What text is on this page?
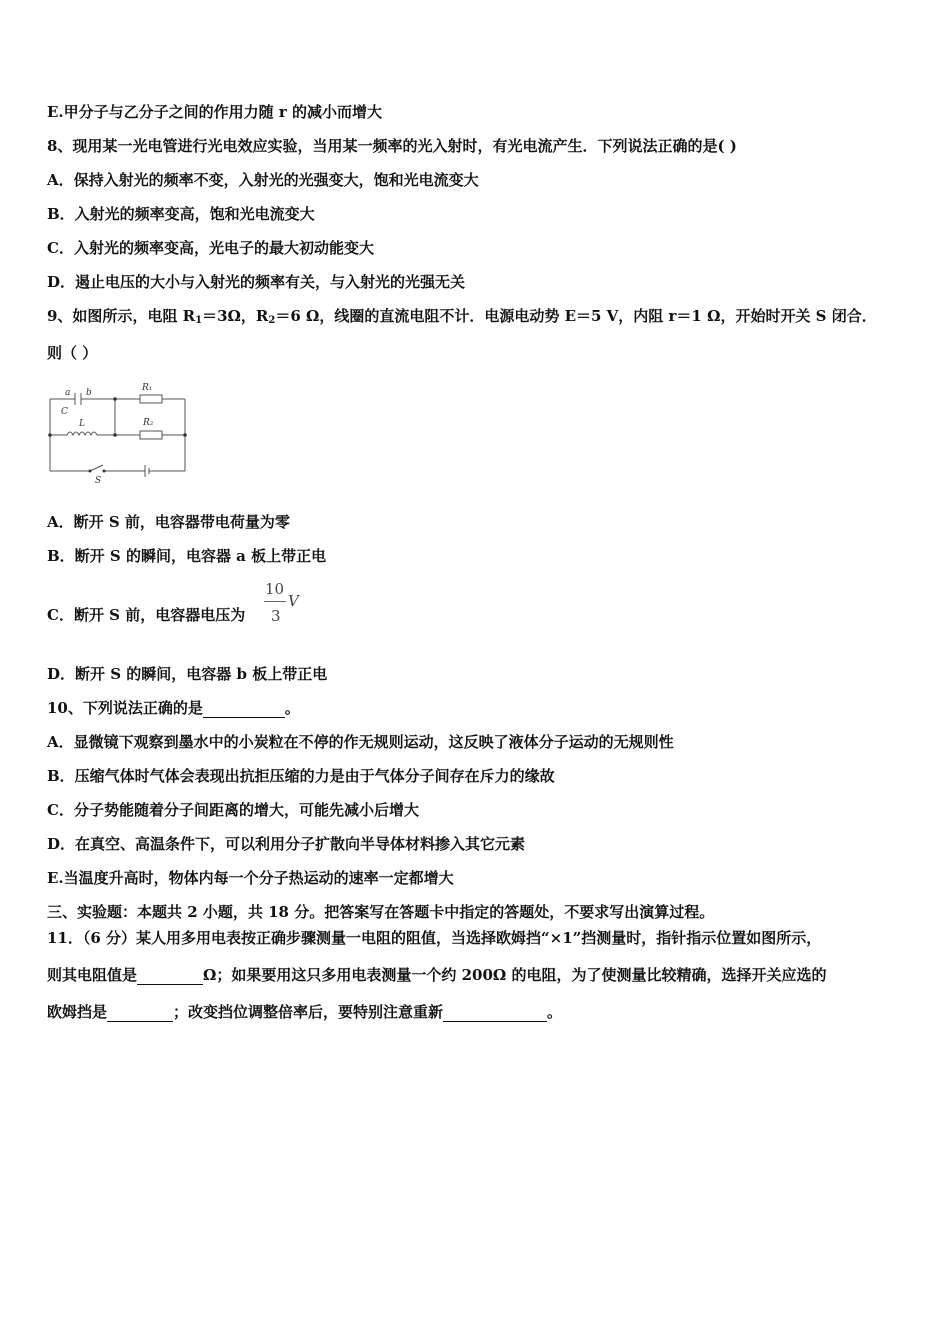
E.甲分子与乙分子之间的作用力随 r 的减小而增大
8、现用某一光电管进行光电效应实验，当用某一频率的光入射时，有光电流产生．下列说法正确的是( )
A．保持入射光的频率不变，入射光的光强变大，饱和光电流变大
B．入射光的频率变高，饱和光电流变大
C．入射光的频率变高，光电子的最大初动能变大
D．遏止电压的大小与入射光的频率有关，与入射光的光强无关
9、如图所示，电阻 $R_1=3\Omega$，$R_2=6$ Ω，线圈的直流电阻不计．电源电动势 E＝5 V，内阻 r＝1 Ω，开始时开关 S 闭合．
则（ ）
a b
C
L
R₁
R₂
S
A．断开 S 前，电容器带电荷量为零
B．断开 S 的瞬间，电容器 a 板上带正电
C．断开 S 前，电容器电压为
10
3
V
D．断开 S 的瞬间，电容器 b 板上带正电
10、下列说法正确的是	。
A．显微镜下观察到墨水中的小炭粒在不停的作无规则运动，这反映了液体分子运动的无规则性
B．压缩气体时气体会表现出抗拒压缩的力是由于气体分子间存在斥力的缘故
C．分子势能随着分子间距离的增大，可能先减小后增大
D．在真空、高温条件下，可以利用分子扩散向半导体材料掺入其它元素
E.当温度升高时，物体内每一个分子热运动的速率一定都增大
三、实验题：本题共 2 小题，共 18 分。把答案写在答题卡中指定的答题处，不要求写出演算过程。
11．（6 分）某人用多用电表按正确步骤测量一电阻的阻值，当选择欧姆挡“×1”挡测量时，指针指示位置如图所示，
则其电阻值是	Ω；如果要用这只多用电表测量一个约 200Ω 的电阻，为了使测量比较精确，选择开关应选的
欧姆挡是	；改变挡位调整倍率后，要特别注意重新	。
